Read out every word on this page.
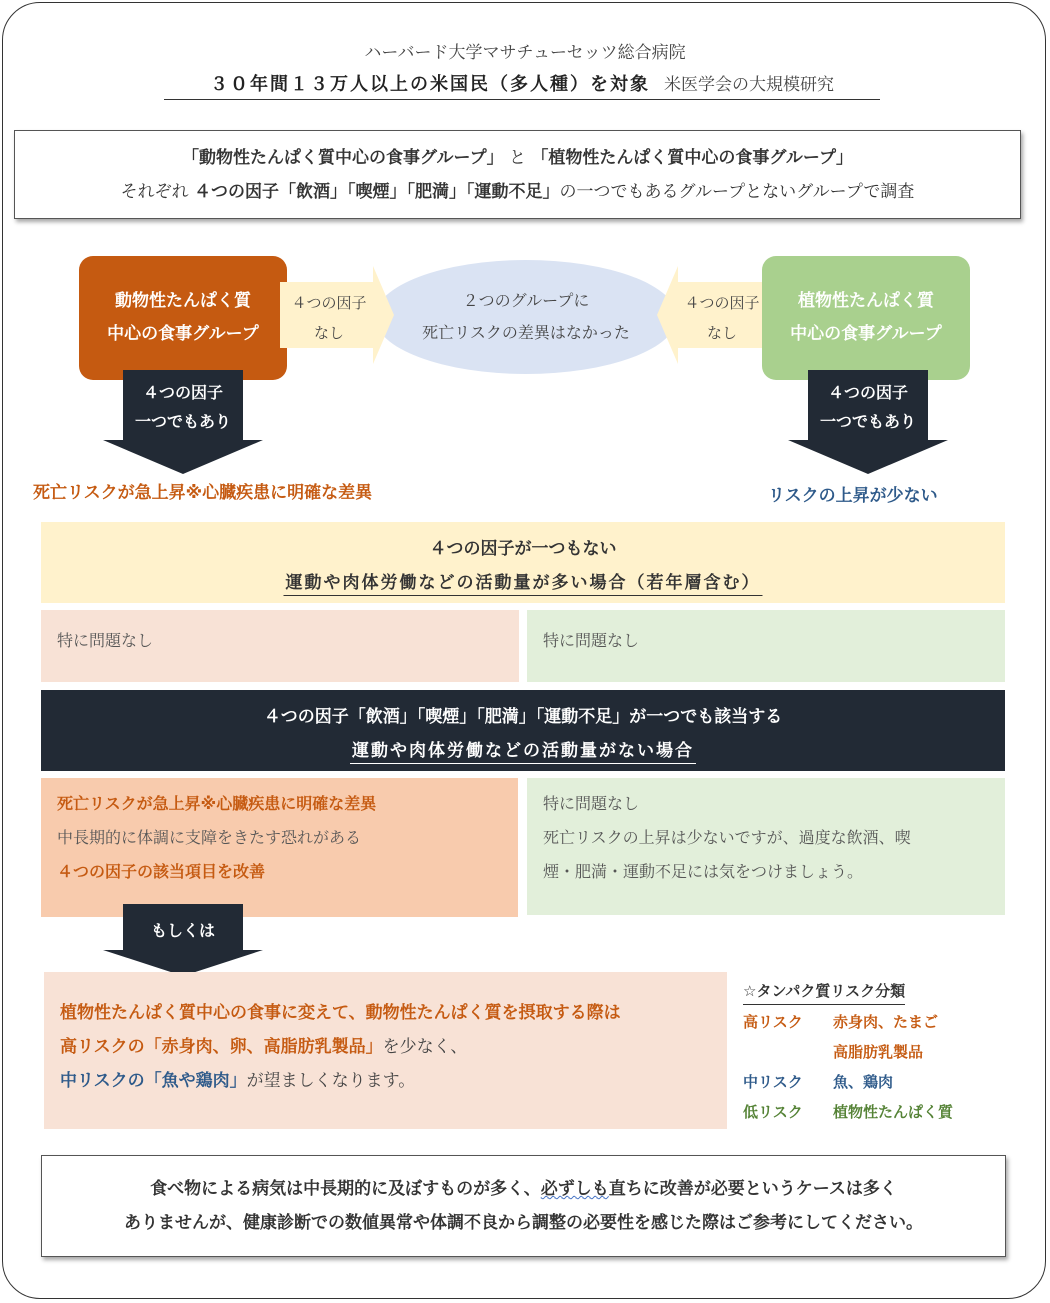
ハーバード大学マサチューセッツ総合病院
３０年間１３万人以上の米国民（多人種）を対象 米医学会の大規模研究
「動物性たんぱく質中心の食事グループ」 と 「植物性たんぱく質中心の食事グループ」
それぞれ ４つの因子「飲酒」「喫煙」「肥満」「運動不足」の一つでもあるグループとないグループで調査
動物性たんぱく質
中心の食事グループ
２つのグループに
死亡リスクの差異はなかった
４つの因子
なし
４つの因子
なし
植物性たんぱく質
中心の食事グループ
４つの因子
一つでもあり
４つの因子
一つでもあり
死亡リスクが急上昇※心臓疾患に明確な差異	リスクの上昇が少ない
４つの因子が一つもない
運動や肉体労働などの活動量が多い場合（若年層含む）

特に問題なし	特に問題なし

４つの因子「飲酒」「喫煙」「肥満」「運動不足」が一つでも該当する
運動や肉体労働などの活動量がない場合

死亡リスクが急上昇※心臓疾患に明確な差異

中長期的に体調に支障をきたす恐れがある

４つの因子の該当項目を改善

特に問題なし

死亡リスクの上昇は少ないですが、過度な飲酒、喫

煙・肥満・運動不足には気をつけましょう。

もしくは

植物性たんぱく質中心の食事に変えて、動物性たんぱく質を摂取する際は

高リスクの「赤身肉、卵、高脂肪乳製品」を少なく、

中リスクの「魚や鶏肉」が望ましくなります。

☆タンパク質リスク分類
高リスク	赤身肉、たまご
高脂肪乳製品
中リスク	魚、鶏肉
低リスク	植物性たんぱく質
食べ物による病気は中長期的に及ぼすものが多く、必ずしも直ちに改善が必要というケースは多く
ありませんが、健康診断での数値異常や体調不良から調整の必要性を感じた際はご参考にしてください。
